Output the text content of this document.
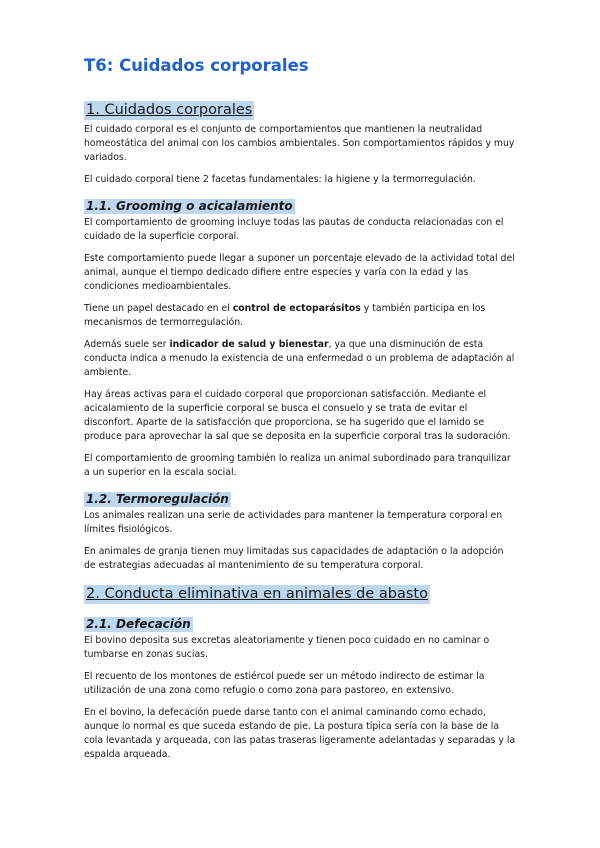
T6: Cuidados corporales
1. Cuidados corporales

El cuidado corporal es el conjunto de comportamientos que mantienen la neutralidad homeostática del animal con los cambios ambientales. Son comportamientos rápidos y muy variados.

El cuidado corporal tiene 2 facetas fundamentales: la higiene y la termorregulación.

1.1. Grooming o acicalamiento

El comportamiento de grooming incluye todas las pautas de conducta relacionadas con el cuidado de la superficie corporal.

Este comportamiento puede llegar a suponer un porcentaje elevado de la actividad total del animal, aunque el tiempo dedicado difiere entre especies y varía con la edad y las condiciones medioambientales.

Tiene un papel destacado en el control de ectoparásitos y también participa en los mecanismos de termorregulación.

Además suele ser indicador de salud y bienestar, ya que una disminución de esta conducta indica a menudo la existencia de una enfermedad o un problema de adaptación al ambiente.

Hay áreas activas para el cuidado corporal que proporcionan satisfacción. Mediante el acicalamiento de la superficie corporal se busca el consuelo y se trata de evitar el disconfort. Aparte de la satisfacción que proporciona, se ha sugerido que el lamido se produce para aprovechar la sal que se deposita en la superficie corporal tras la sudoración.

El comportamiento de grooming también lo realiza un animal subordinado para tranquilizar a un superior en la escala social.

1.2. Termoregulación

Los animales realizan una serie de actividades para mantener la temperatura corporal en límites fisiológicos.

En animales de granja tienen muy limitadas sus capacidades de adaptación o la adopción de estrategias adecuadas al mantenimiento de su temperatura corporal.

2. Conducta eliminativa en animales de abasto
2.1. Defecación

El bovino deposita sus excretas aleatoriamente y tienen poco cuidado en no caminar o tumbarse en zonas sucias.

El recuento de los montones de estiércol puede ser un método indirecto de estimar la utilización de una zona como refugio o como zona para pastoreo, en extensivo.

En el bovino, la defecación puede darse tanto con el animal caminando como echado, aunque lo normal es que suceda estando de pie. La postura típica sería con la base de la cola levantada y arqueada, con las patas traseras ligeramente adelantadas y separadas y la espalda arqueada.
